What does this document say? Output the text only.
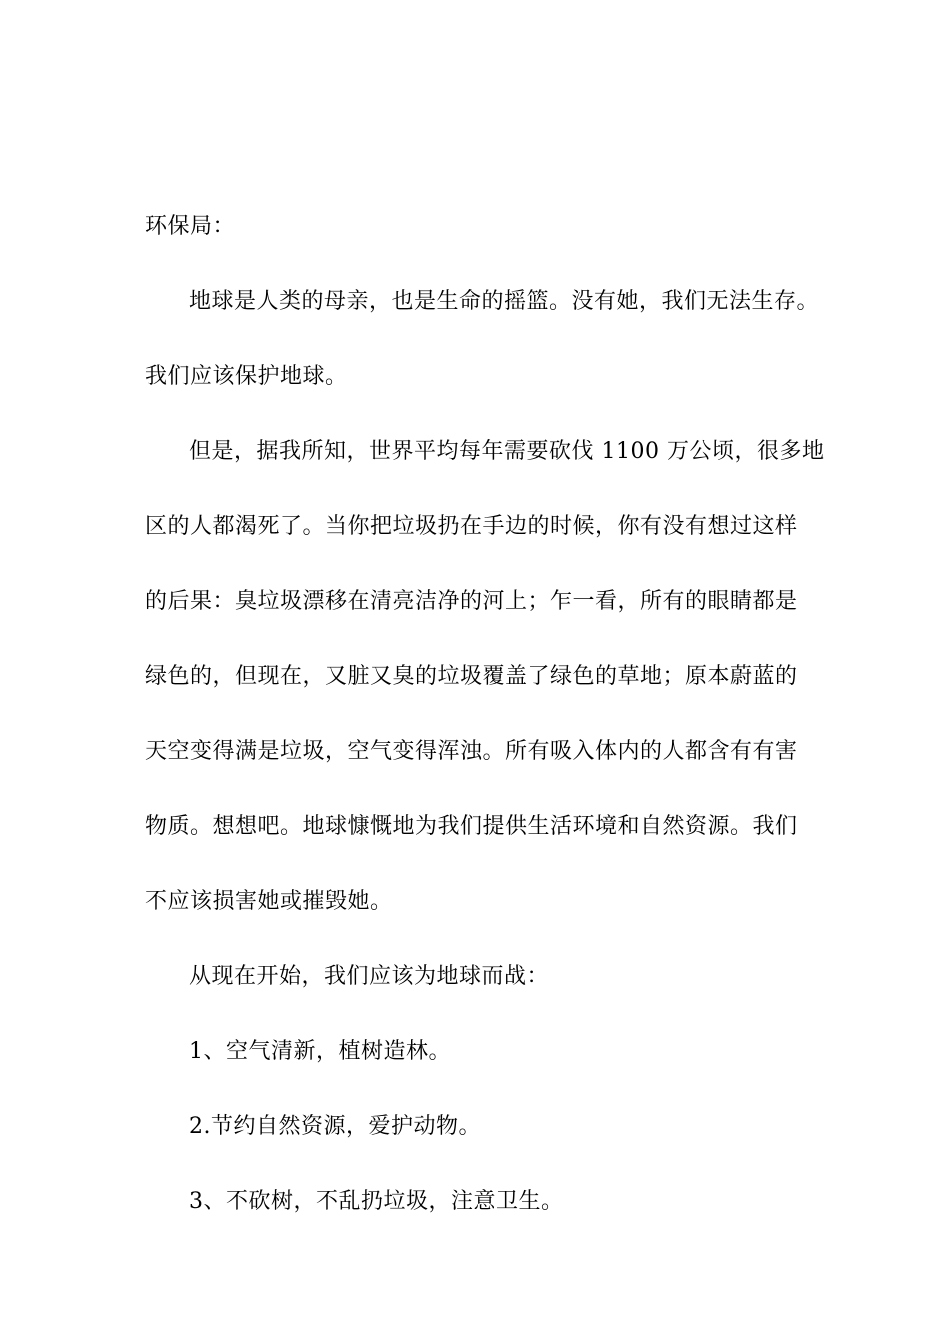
环保局：
地球是人类的母亲，也是生命的摇篮。没有她，我们无法生存。
我们应该保护地球。
但是，据我所知，世界平均每年需要砍伐 1100 万公顷，很多地
区的人都渴死了。当你把垃圾扔在手边的时候，你有没有想过这样
的后果：臭垃圾漂移在清亮洁净的河上；乍一看，所有的眼睛都是
绿色的，但现在，又脏又臭的垃圾覆盖了绿色的草地；原本蔚蓝的
天空变得满是垃圾，空气变得浑浊。所有吸入体内的人都含有有害
物质。想想吧。地球慷慨地为我们提供生活环境和自然资源。我们
不应该损害她或摧毁她。
从现在开始，我们应该为地球而战：
1、空气清新，植树造林。
2.节约自然资源，爱护动物。
3、不砍树，不乱扔垃圾，注意卫生。
